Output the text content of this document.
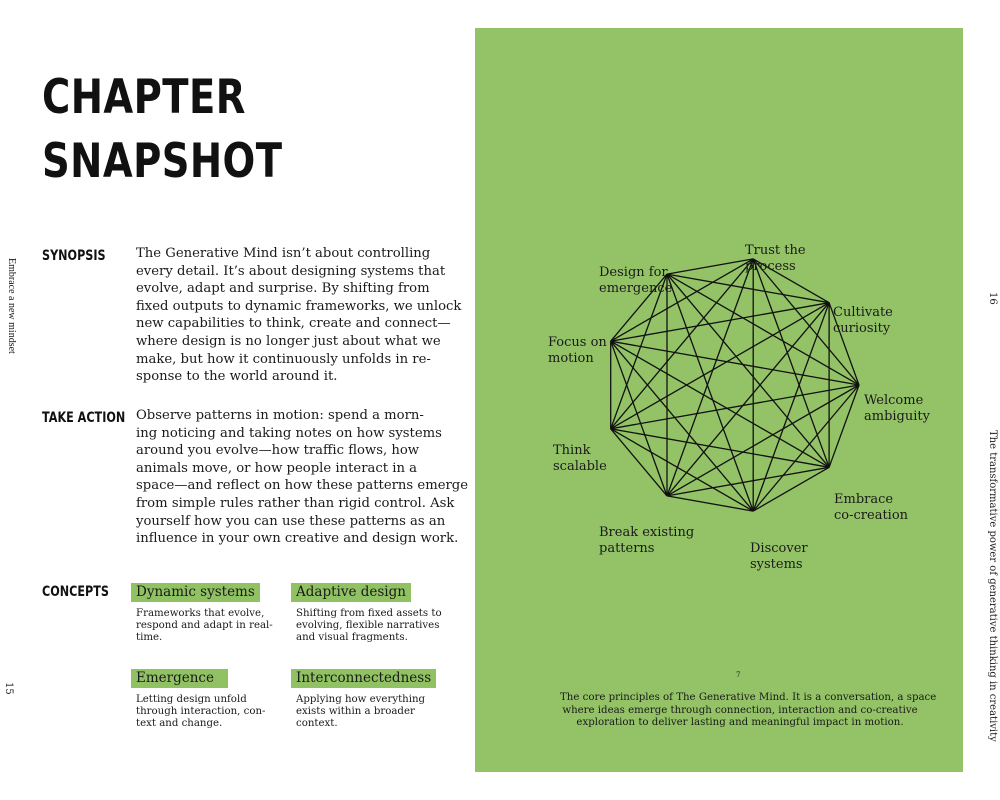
CHAPTER
SNAPSHOT
Embrace a new mindset
SYNOPSIS The Generative Mind isn’t about controlling
every detail. It’s about designing systems that
evolve, adapt and surprise. By shifting from
fixed outputs to dynamic frameworks, we unlock
new capabilities to think, create and connect—
where design is no longer just about what we
make, but how it continuously unfolds in re-
sponse to the world around it.
TAKE ACTION Observe patterns in motion: spend a morn-
ing noticing and taking notes on how systems
around you evolve—how traffic flows, how
animals move, or how people interact in a
space—and reflect on how these patterns emerge
from simple rules rather than rigid control. Ask
yourself how you can use these patterns as an
influence in your own creative and design work.
CONCEPTS	Dynamic systems
Frameworks that evolve,
respond and adapt in real-
time.
Adaptive design
Shifting from fixed assets to
evolving, flexible narratives
and visual fragments.
Emergence
Letting design unfold
through interaction, con-
text and change.
Interconnectedness
Applying how everything
exists within a broader
context.
15
Trust the
process
Cultivate
curiosity
Welcome
ambiguity
Embrace
co-creation
Discover
systems
Break existing
patterns
Think
scalable
Focus on
motion
Design for
emergence
7
The core principles of The Generative Mind. It is a conversation, a space
where ideas emerge through connection, interaction and co-creative
exploration to deliver lasting and meaningful impact in motion.
16
The transformative power of generative thinking in creativity
